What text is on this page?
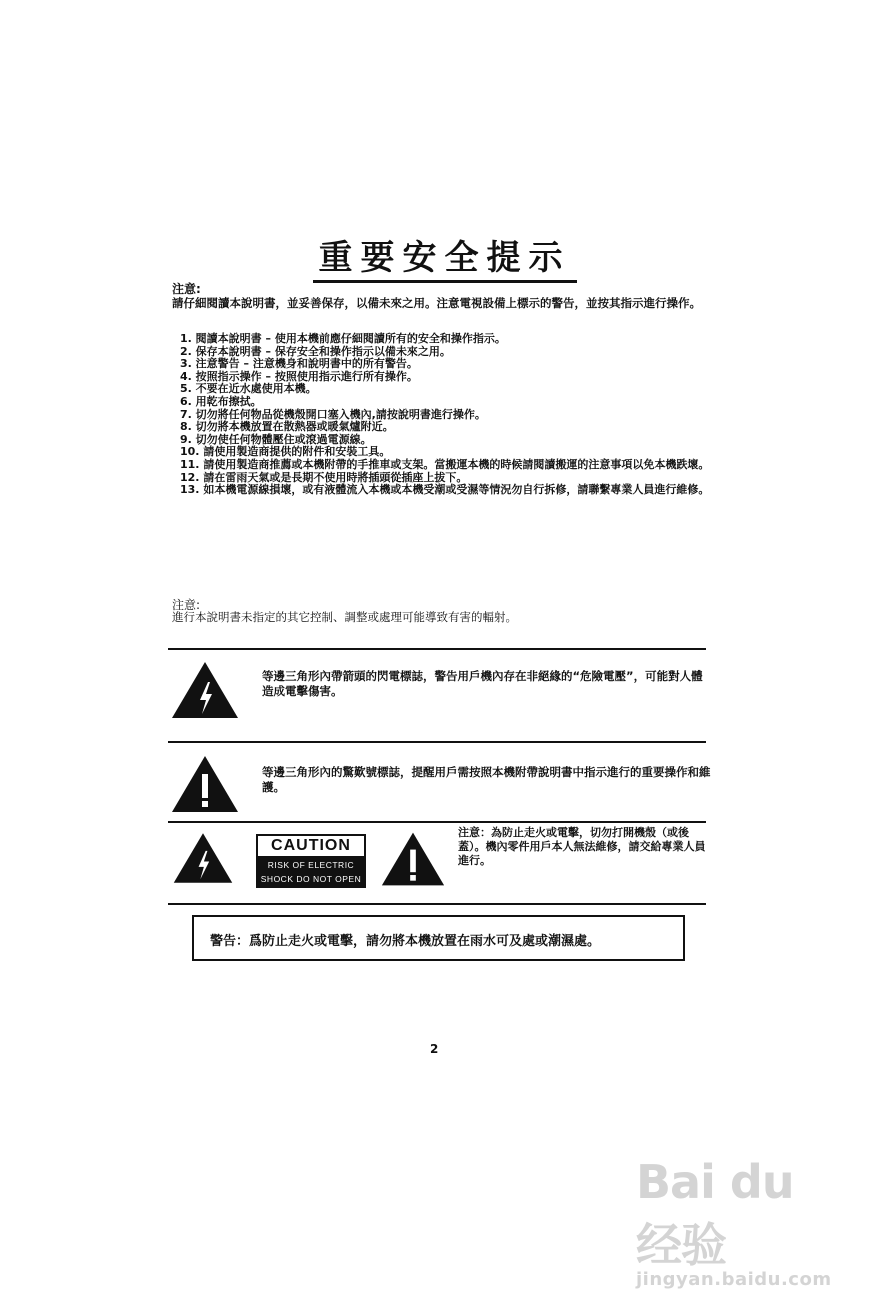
重要安全提示
注意:
請仔細閱讀本說明書，並妥善保存，以備未來之用。注意電視設備上標示的警告，並按其指示進行操作。
1. 閱讀本說明書 – 使用本機前應仔細閱讀所有的安全和操作指示。
2. 保存本說明書 – 保存安全和操作指示以備未來之用。
3. 注意警告 – 注意機身和說明書中的所有警告。
4. 按照指示操作 – 按照使用指示進行所有操作。
5. 不要在近水處使用本機。
6. 用乾布擦拭。
7. 切勿將任何物品從機殼開口塞入機內,請按說明書進行操作。
8. 切勿將本機放置在散熱器或暖氣爐附近。
9. 切勿使任何物體壓住或滾過電源線。
10. 請使用製造商提供的附件和安裝工具。
11. 請使用製造商推薦或本機附帶的手推車或支架。當搬運本機的時候請閱讀搬運的注意事項以免本機跌壞。
12. 請在雷雨天氣或是長期不使用時將插頭從插座上拔下。
13. 如本機電源線損壞，或有液體流入本機或本機受潮或受濕等情況勿自行拆修，請聯繫專業人員進行維修。
注意:
進行本說明書未指定的其它控制、調整或處理可能導致有害的輻射。
等邊三角形內帶箭頭的閃電標誌，警告用戶機內存在非絕緣的“危險電壓”，可能對人體造成電擊傷害。
等邊三角形內的驚歎號標誌，提醒用戶需按照本機附帶說明書中指示進行的重要操作和維護。
CAUTION
RISK OF ELECTRIC
SHOCK DO NOT OPEN
注意：為防止走火或電擊，切勿打開機殼（或後蓋）。機內零件用戶本人無法維修，請交給專業人員進行。
警告：爲防止走火或電擊，請勿將本機放置在雨水可及處或潮濕處。
2
Bai du 经验
jingyan.baidu.com
